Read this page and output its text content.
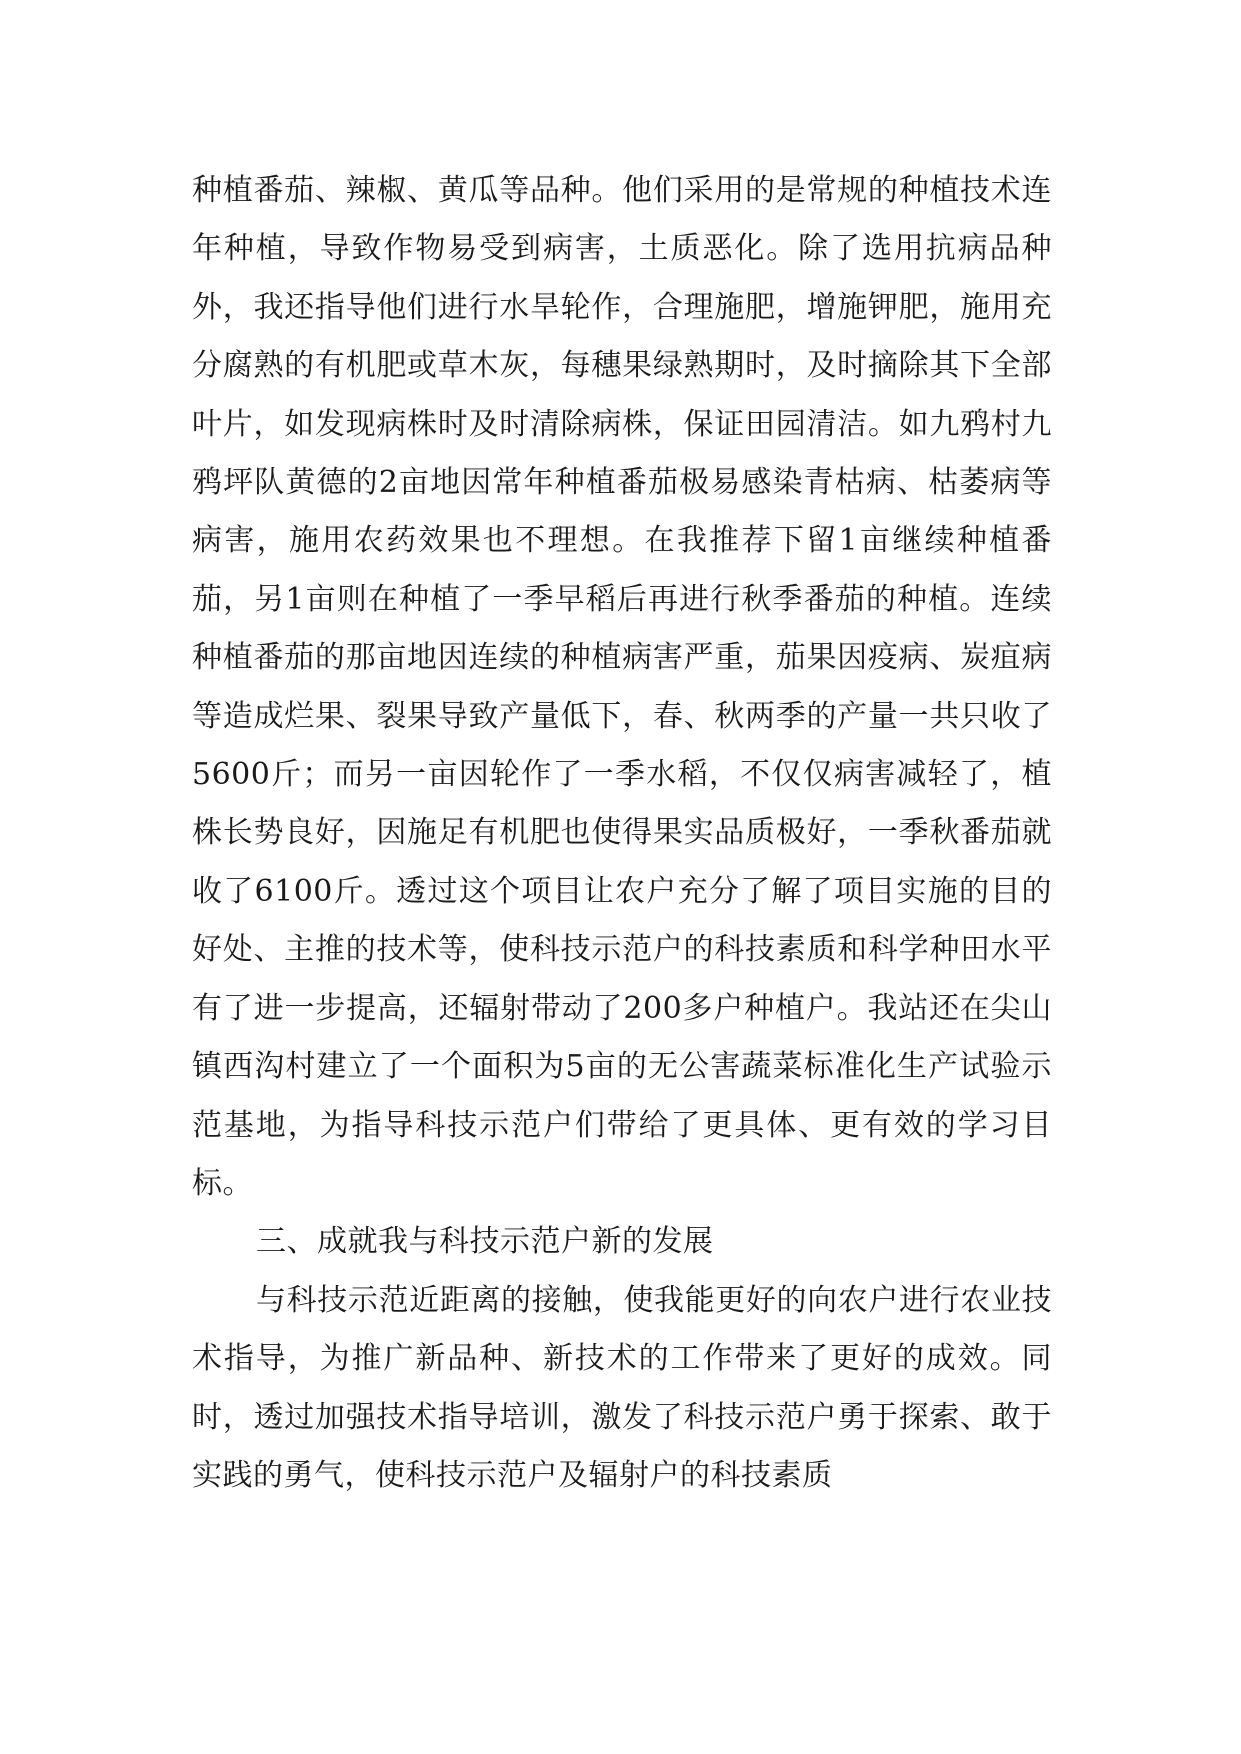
种植番茄、辣椒、黄瓜等品种。他们采用的是常规的种植技术连年种植，导致作物易受到病害，土质恶化。除了选用抗病品种外，我还指导他们进行水旱轮作，合理施肥，增施钾肥，施用充分腐熟的有机肥或草木灰，每穗果绿熟期时，及时摘除其下全部叶片，如发现病株时及时清除病株，保证田园清洁。如九鸦村九鸦坪队黄德的2亩地因常年种植番茄极易感染青枯病、枯萎病等病害，施用农药效果也不理想。在我推荐下留1亩继续种植番茄，另1亩则在种植了一季早稻后再进行秋季番茄的种植。连续种植番茄的那亩地因连续的种植病害严重，茄果因疫病、炭疽病等造成烂果、裂果导致产量低下，春、秋两季的产量一共只收了5600斤；而另一亩因轮作了一季水稻，不仅仅病害减轻了，植株长势良好，因施足有机肥也使得果实品质极好，一季秋番茄就收了6100斤。透过这个项目让农户充分了解了项目实施的目的好处、主推的技术等，使科技示范户的科技素质和科学种田水平有了进一步提高，还辐射带动了200多户种植户。我站还在尖山镇西沟村建立了一个面积为5亩的无公害蔬菜标准化生产试验示范基地，为指导科技示范户们带给了更具体、更有效的学习目标。

三、成就我与科技示范户新的发展

与科技示范近距离的接触，使我能更好的向农户进行农业技术指导，为推广新品种、新技术的工作带来了更好的成效。同时，透过加强技术指导培训，激发了科技示范户勇于探索、敢于实践的勇气，使科技示范户及辐射户的科技素质
